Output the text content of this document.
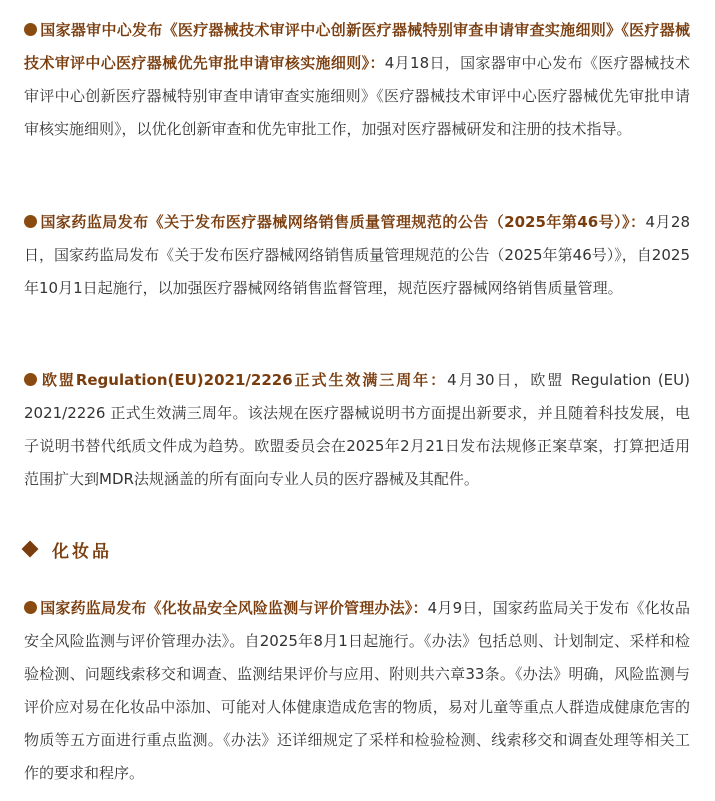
国家器审中心发布《医疗器械技术审评中心创新医疗器械特别审查申请审查实施细则》《医疗器械技术审评中心医疗器械优先审批申请审核实施细则》：4月18日，国家器审中心发布《医疗器械技术审评中心创新医疗器械特别审查申请审查实施细则》《医疗器械技术审评中心医疗器械优先审批申请审核实施细则》，以优化创新审查和优先审批工作，加强对医疗器械研发和注册的技术指导。
国家药监局发布《关于发布医疗器械网络销售质量管理规范的公告（2025年第46号）》：4月28日，国家药监局发布《关于发布医疗器械网络销售质量管理规范的公告（2025年第46号）》，自2025年10月1日起施行，以加强医疗器械网络销售监督管理，规范医疗器械网络销售质量管理。
欧盟Regulation(EU)2021/2226正式生效满三周年：4月30日，欧盟 Regulation (EU) 2021/2226 正式生效满三周年。该法规在医疗器械说明书方面提出新要求，并且随着科技发展，电子说明书替代纸质文件成为趋势。欧盟委员会在2025年2月21日发布法规修正案草案，打算把适用范围扩大到MDR法规涵盖的所有面向专业人员的医疗器械及其配件。
化妆品
国家药监局发布《化妆品安全风险监测与评价管理办法》：4月9日，国家药监局关于发布《化妆品安全风险监测与评价管理办法》。自2025年8月1日起施行。《办法》包括总则、计划制定、采样和检验检测、问题线索移交和调查、监测结果评价与应用、附则共六章33条。《办法》明确，风险监测与评价应对易在化妆品中添加、可能对人体健康造成危害的物质，易对儿童等重点人群造成健康危害的物质等五方面进行重点监测。《办法》还详细规定了采样和检验检测、线索移交和调查处理等相关工作的要求和程序。
